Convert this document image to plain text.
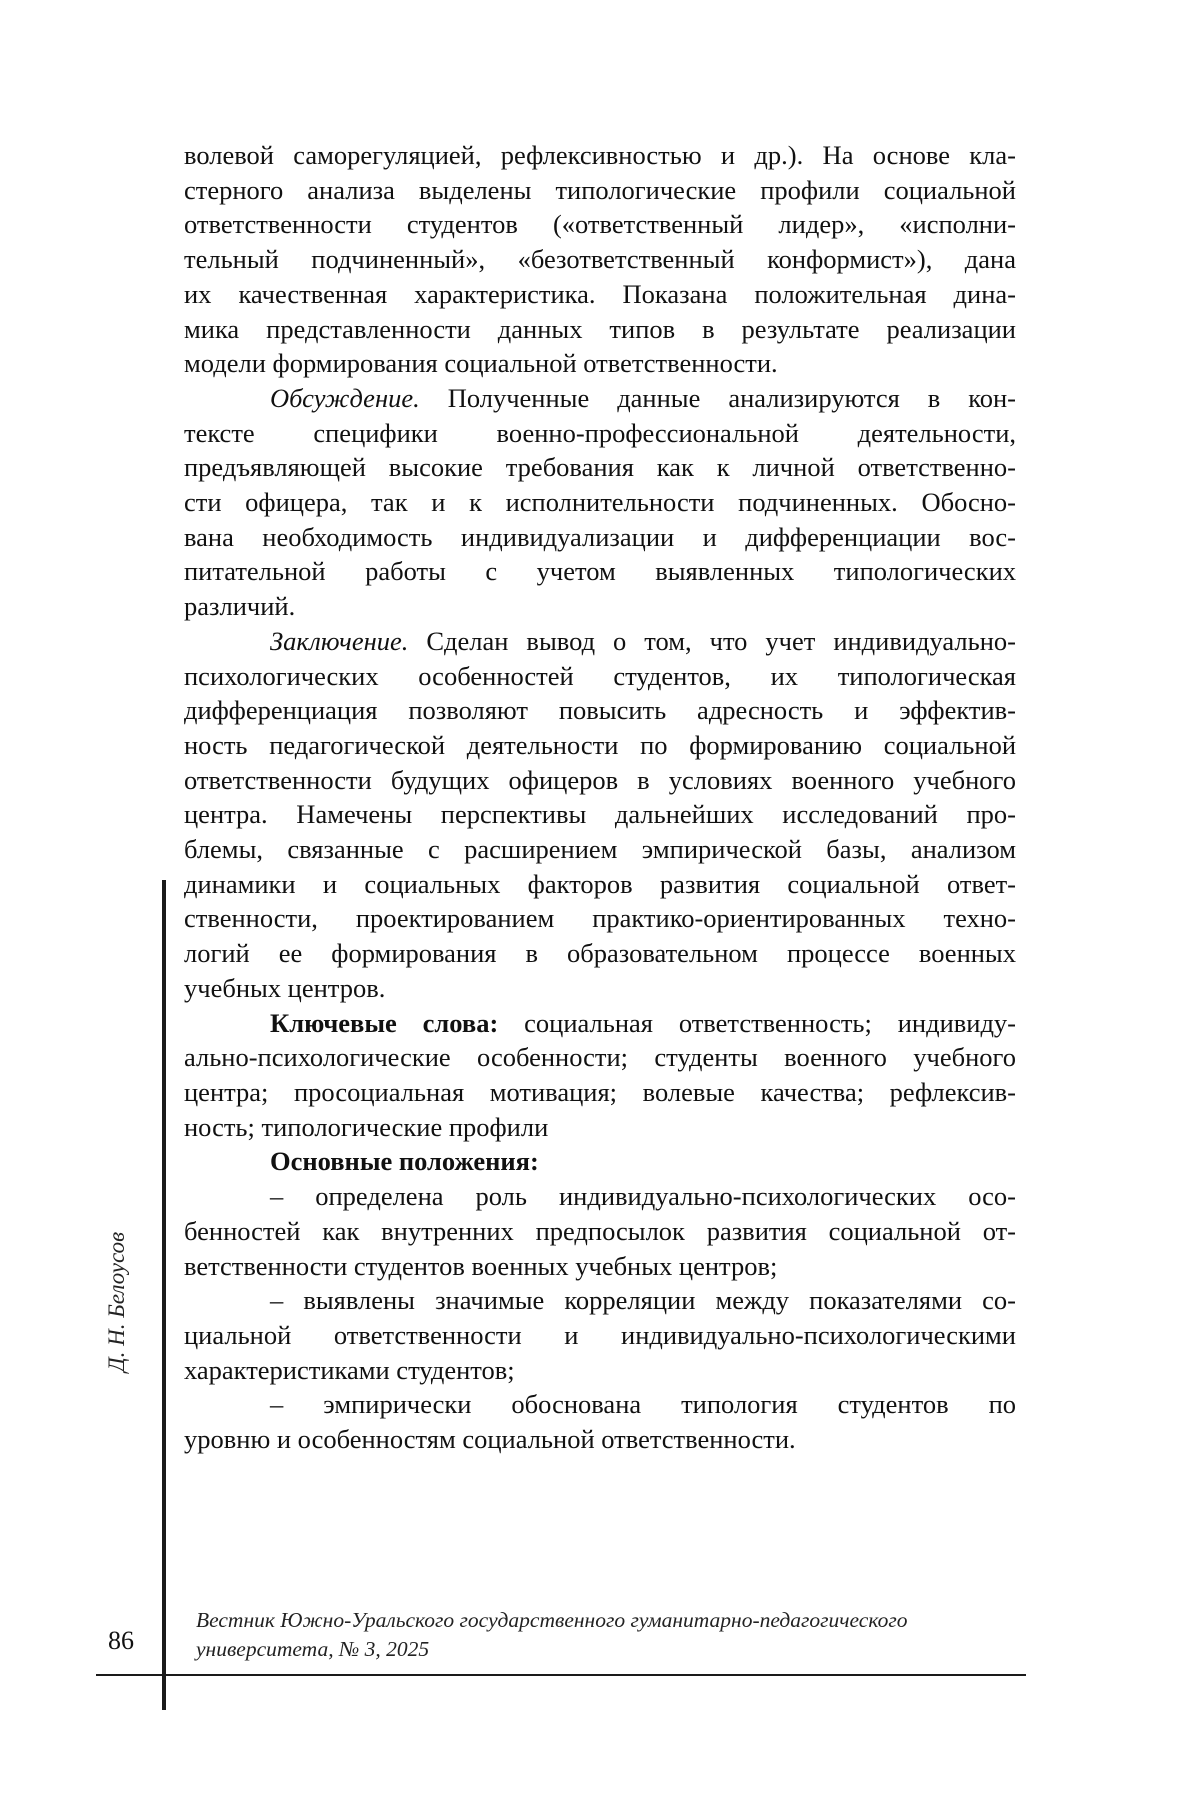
волевой саморегуляцией, рефлексивностью и др.). На основе кла-
стерного анализа выделены типологические профили социальной
ответственности студентов («ответственный лидер», «исполни-
тельный подчиненный», «безответственный конформист»), дана
их качественная характеристика. Показана положительная дина-
мика представленности данных типов в результате реализации
модели формирования социальной ответственности.
Обсуждение. Полученные данные анализируются в кон-
тексте специфики военно-профессиональной деятельности,
предъявляющей высокие требования как к личной ответственно-
сти офицера, так и к исполнительности подчиненных. Обосно-
вана необходимость индивидуализации и дифференциации вос-
питательной работы с учетом выявленных типологических
различий.
Заключение. Сделан вывод о том, что учет индивидуально-
психологических особенностей студентов, их типологическая
дифференциация позволяют повысить адресность и эффектив-
ность педагогической деятельности по формированию социальной
ответственности будущих офицеров в условиях военного учебного
центра. Намечены перспективы дальнейших исследований про-
блемы, связанные с расширением эмпирической базы, анализом
динамики и социальных факторов развития социальной ответ-
ственности, проектированием практико-ориентированных техно-
логий ее формирования в образовательном процессе военных
учебных центров.
Ключевые слова: социальная ответственность; индивиду-
ально-психологические особенности; студенты военного учебного
центра; просоциальная мотивация; волевые качества; рефлексив-
ность; типологические профили
Основные положения:
– определена роль индивидуально-психологических осо-
бенностей как внутренних предпосылок развития социальной от-
ветственности студентов военных учебных центров;
– выявлены значимые корреляции между показателями со-
циальной ответственности и индивидуально-психологическими
характеристиками студентов;
– эмпирически обоснована типология студентов по
уровню и особенностям социальной ответственности.
Д. Н. Белоусов
Вестник Южно-Уральского государственного гуманитарно-педагогического
университета, № 3, 2025
86
